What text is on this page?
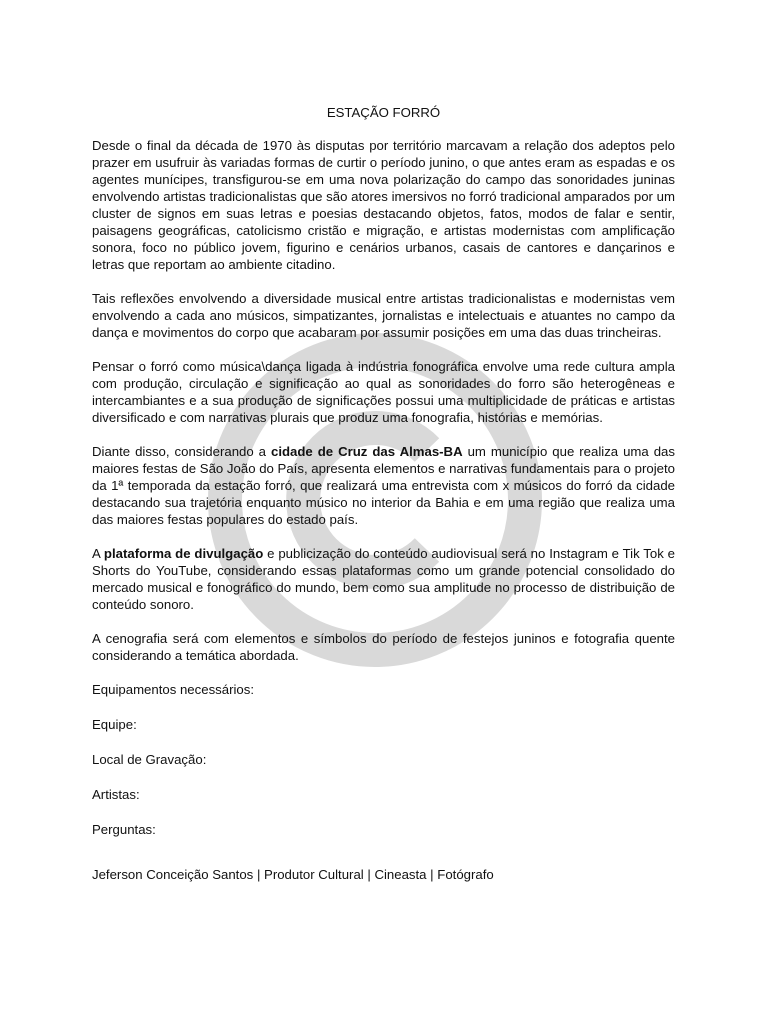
ESTAÇÃO FORRÓ

Desde o final da década de 1970 às disputas por território marcavam a relação dos adeptos pelo prazer em usufruir às variadas formas de curtir o período junino, o que antes eram as espadas e os agentes munícipes, transfigurou-se em uma nova polarização do campo das sonoridades juninas envolvendo artistas tradicionalistas que são atores imersivos no forró tradicional amparados por um cluster de signos em suas letras e poesias destacando objetos, fatos, modos de falar e sentir, paisagens geográficas, catolicismo cristão e migração, e artistas modernistas com amplificação sonora, foco no público jovem, figurino e cenários urbanos, casais de cantores e dançarinos e letras que reportam ao ambiente citadino.

Tais reflexões envolvendo a diversidade musical entre artistas tradicionalistas e modernistas vem envolvendo a cada ano músicos, simpatizantes, jornalistas e intelectuais e atuantes no campo da dança e movimentos do corpo que acabaram por assumir posições em uma das duas trincheiras.

Pensar o forró como música\dança ligada à indústria fonográfica envolve uma rede cultura ampla com produção, circulação e significação ao qual as sonoridades do forro são heterogêneas e intercambiantes e a sua produção de significações possui uma multiplicidade de práticas e artistas diversificado e com narrativas plurais que produz uma fonografia, histórias e memórias.

Diante disso, considerando a cidade de Cruz das Almas-BA um município que realiza uma das maiores festas de São João do País, apresenta elementos e narrativas fundamentais para o projeto da 1ª temporada da estação forró, que realizará uma entrevista com x músicos do forró da cidade destacando sua trajetória enquanto músico no interior da Bahia e em uma região que realiza uma das maiores festas populares do estado país.

A plataforma de divulgação e publicização do conteúdo audiovisual será no Instagram e Tik Tok e Shorts do YouTube, considerando essas plataformas como um grande potencial consolidado do mercado musical e fonográfico do mundo, bem como sua amplitude no processo de distribuição de conteúdo sonoro.

A cenografia será com elementos e símbolos do período de festejos juninos e fotografia quente considerando a temática abordada.

Equipamentos necessários:
Equipe:
Local de Gravação:
Artistas:
Perguntas:
Jeferson Conceição Santos | Produtor Cultural | Cineasta | Fotógrafo
